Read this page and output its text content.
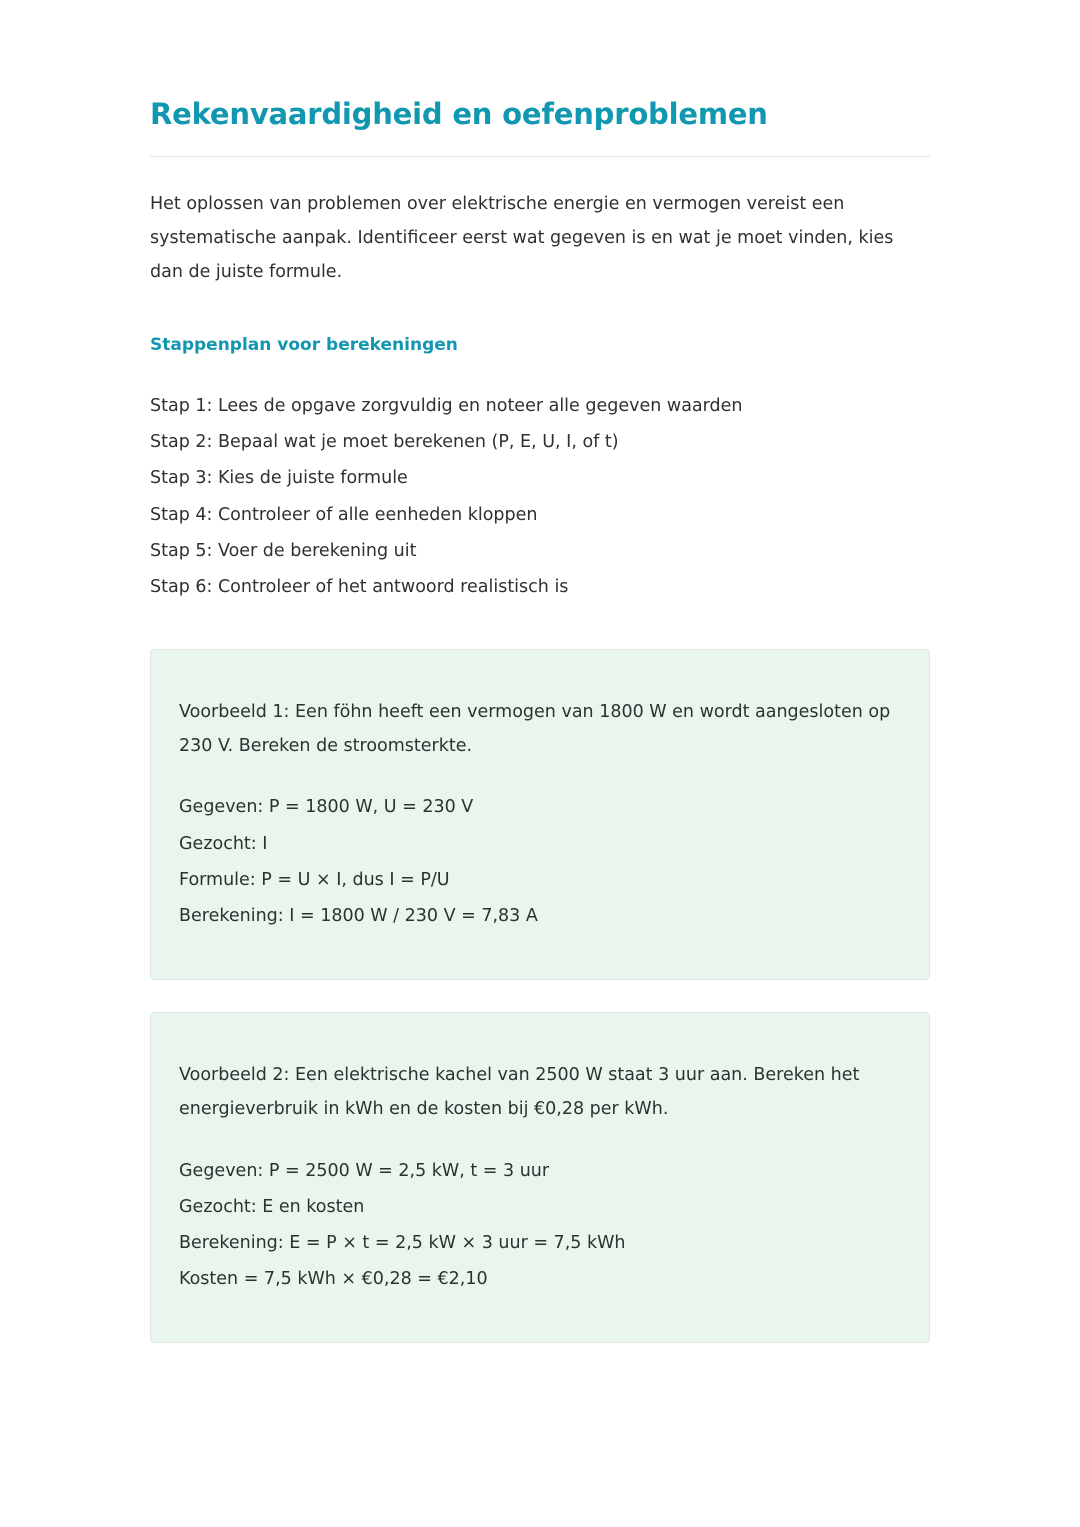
Rekenvaardigheid en oefenproblemen

Het oplossen van problemen over elektrische energie en vermogen vereist een systematische aanpak. Identificeer eerst wat gegeven is en wat je moet vinden, kies dan de juiste formule.

Stappenplan voor berekeningen
Stap 1: Lees de opgave zorgvuldig en noteer alle gegeven waarden
Stap 2: Bepaal wat je moet berekenen (P, E, U, I, of t)
Stap 3: Kies de juiste formule
Stap 4: Controleer of alle eenheden kloppen
Stap 5: Voer de berekening uit
Stap 6: Controleer of het antwoord realistisch is

Voorbeeld 1: Een föhn heeft een vermogen van 1800 W en wordt aangesloten op 230 V. Bereken de stroomsterkte.

Gegeven: P = 1800 W, U = 230 V
Gezocht: I
Formule: P = U × I, dus I = P/U
Berekening: I = 1800 W / 230 V = 7,83 A

Voorbeeld 2: Een elektrische kachel van 2500 W staat 3 uur aan. Bereken het energieverbruik in kWh en de kosten bij €0,28 per kWh.

Gegeven: P = 2500 W = 2,5 kW, t = 3 uur
Gezocht: E en kosten
Berekening: E = P × t = 2,5 kW × 3 uur = 7,5 kWh
Kosten = 7,5 kWh × €0,28 = €2,10
